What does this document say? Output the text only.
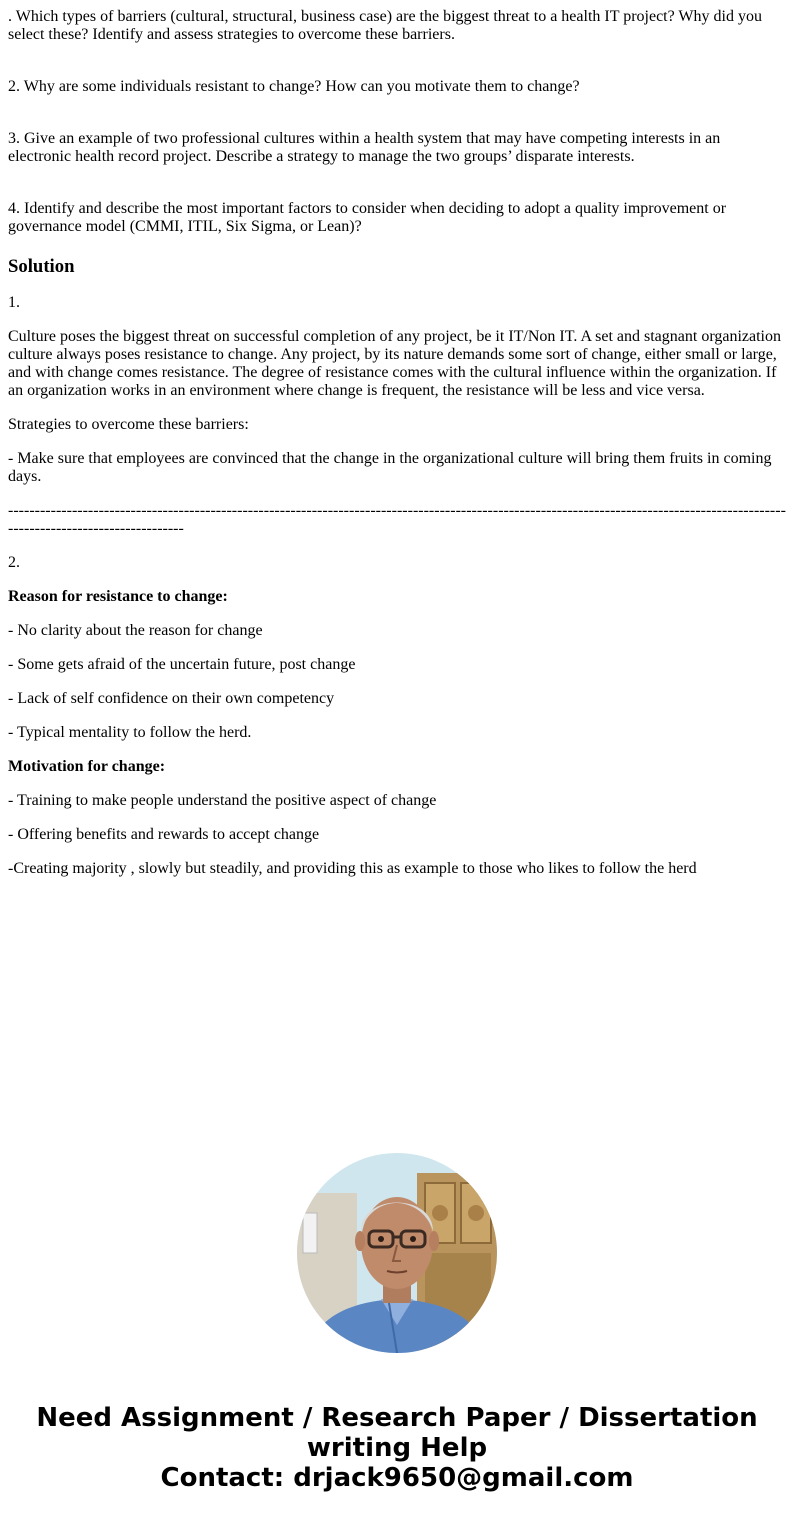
. Which types of barriers (cultural, structural, business case) are the biggest threat to a health IT project? Why did you select these? Identify and assess strategies to overcome these barriers.

2. Why are some individuals resistant to change? How can you motivate them to change?

3. Give an example of two professional cultures within a health system that may have competing interests in an electronic health record project. Describe a strategy to manage the two groups’ disparate interests.

4. Identify and describe the most important factors to consider when deciding to adopt a quality improvement or governance model (CMMI, ITIL, Six Sigma, or Lean)?

Solution

1.

Culture poses the biggest threat on successful completion of any project, be it IT/Non IT. A set and stagnant organization culture always poses resistance to change. Any project, by its nature demands some sort of change, either small or large, and with change comes resistance. The degree of resistance comes with the cultural influence within the organization. If an organization works in an environment where change is frequent, the resistance will be less and vice versa.

Strategies to overcome these barriers:

- Make sure that employees are convinced that the change in the organizational culture will bring them fruits in coming days.

-----------------------------------------------------------------------------------------------------------------------------------------------------------------------------------

2.

Reason for resistance to change:

- No clarity about the reason for change

- Some gets afraid of the uncertain future, post change

- Lack of self confidence on their own competency

- Typical mentality to follow the herd.

Motivation for change:

- Training to make people understand the positive aspect of change

- Offering benefits and rewards to accept change

-Creating majority , slowly but steadily, and providing this as example to those who likes to follow the herd

Need Assignment / Research Paper / Dissertation
writing Help
Contact: drjack9650@gmail.com
